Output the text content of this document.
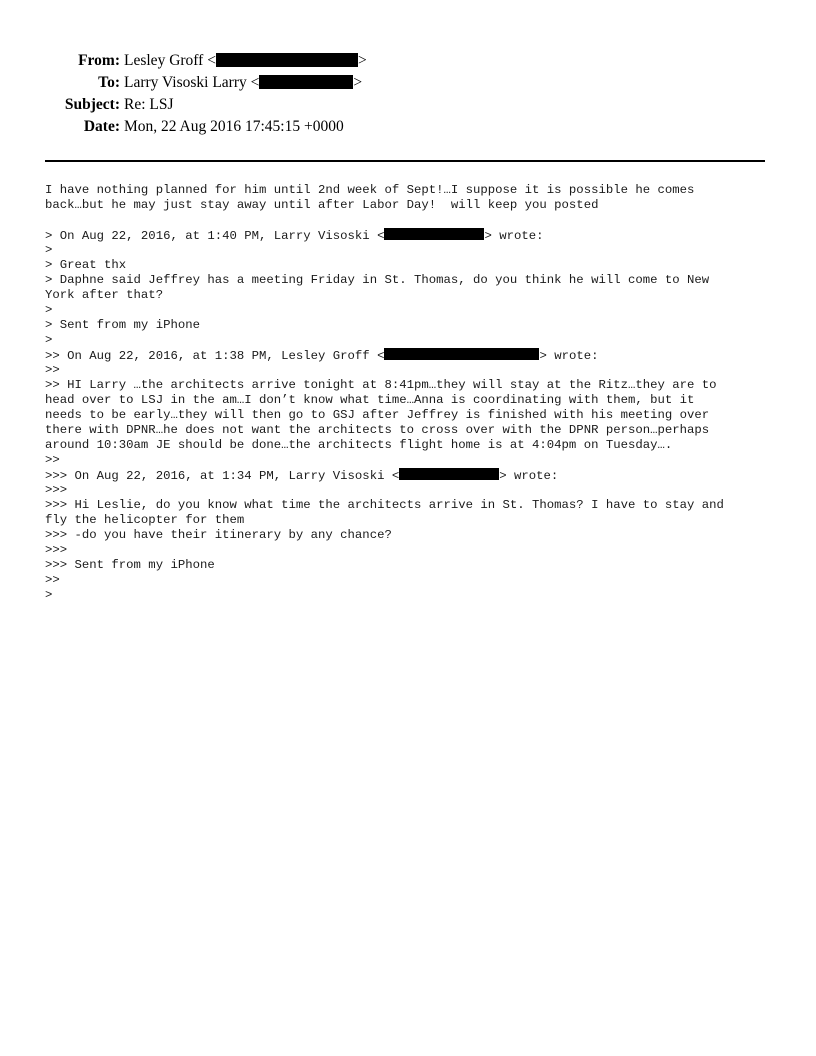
From: Lesley Groff <	>
To: Larry Visoski Larry <	>
Subject: Re: LSJ
Date: Mon, 22 Aug 2016 17:45:15 +0000
I have nothing planned for him until 2nd week of Sept!…I suppose it is possible he comes
back…but he may just stay away until after Labor Day!  will keep you posted
> On Aug 22, 2016, at 1:40 PM, Larry Visoski <	> wrote:
>
> Great thx
> Daphne said Jeffrey has a meeting Friday in St. Thomas, do you think he will come to New
York after that?
>
> Sent from my iPhone
>
>> On Aug 22, 2016, at 1:38 PM, Lesley Groff <	> wrote:
>>
>> HI Larry …the architects arrive tonight at 8:41pm…they will stay at the Ritz…they are to
head over to LSJ in the am…I don’t know what time…Anna is coordinating with them, but it
needs to be early…they will then go to GSJ after Jeffrey is finished with his meeting over
there with DPNR…he does not want the architects to cross over with the DPNR person…perhaps
around 10:30am JE should be done…the architects flight home is at 4:04pm on Tuesday….
>>
>>> On Aug 22, 2016, at 1:34 PM, Larry Visoski <	> wrote:
>>>
>>> Hi Leslie, do you know what time the architects arrive in St. Thomas? I have to stay and
fly the helicopter for them
>>> -do you have their itinerary by any chance?
>>>
>>> Sent from my iPhone
>>
>
